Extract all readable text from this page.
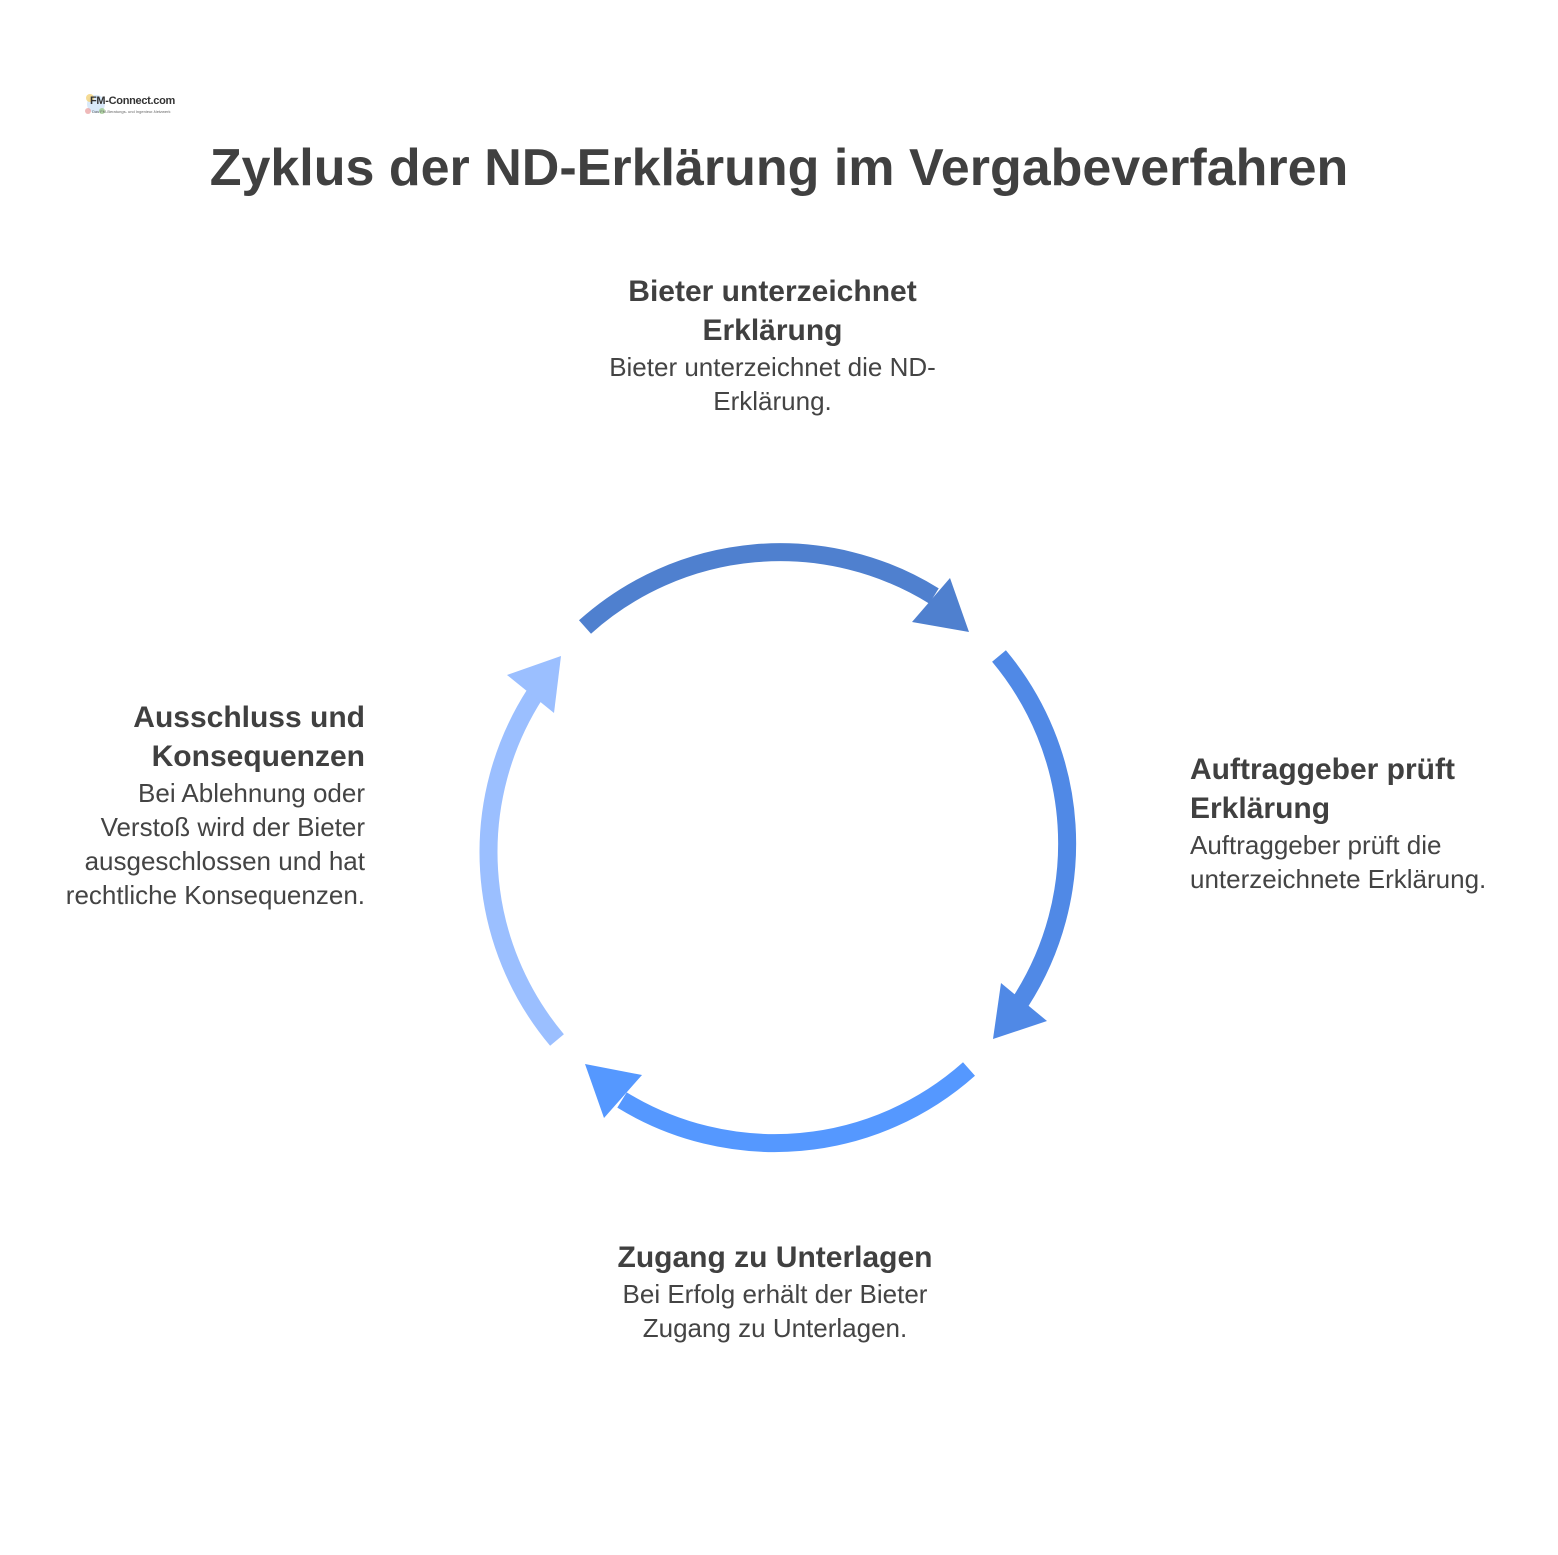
FM-Connect.com
Das FM-Beratungs- und Ingenieur-Netzwerk
Zyklus der ND-Erklärung im Vergabeverfahren
Bieter unterzeichnet Erklärung
Bieter unterzeichnet die ND-Erklärung.
Auftraggeber prüft Erklärung
Auftraggeber prüft die unterzeichnete Erklärung.
Zugang zu Unterlagen
Bei Erfolg erhält der Bieter Zugang zu Unterlagen.
Ausschluss und Konsequenzen
Bei Ablehnung oder Verstoß wird der Bieter ausgeschlossen und hat rechtliche Konsequenzen.
